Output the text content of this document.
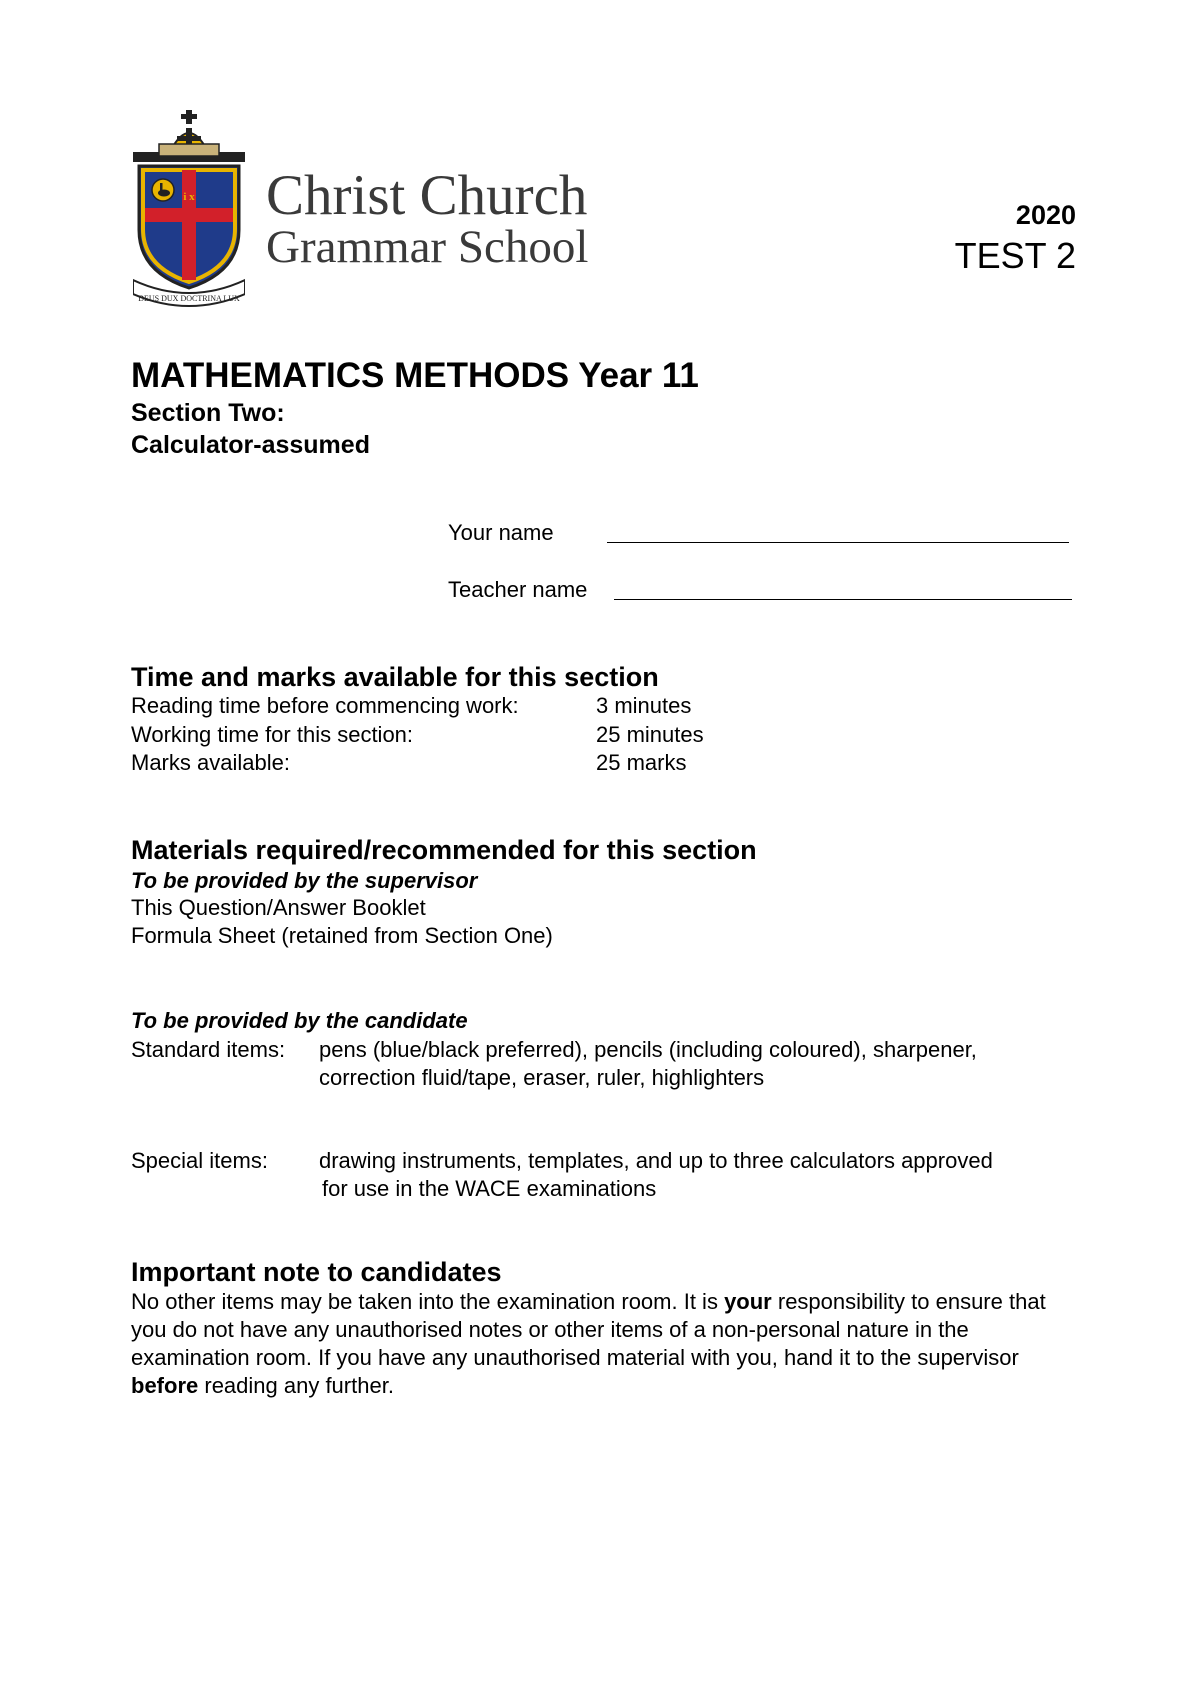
i x
DEUS DUX DOCTRINA LUX
Christ Church
Grammar School
2020
TEST 2
MATHEMATICS METHODS Year 11
Section Two:
Calculator-assumed
Your name
Teacher name
Time and marks available for this section
Reading time before commencing work:	3 minutes
Working time for this section:	25 minutes
Marks available:	25 marks
Materials required/recommended for this section
To be provided by the supervisor
This Question/Answer Booklet
Formula Sheet (retained from Section One)
To be provided by the candidate
Standard items: pens (blue/black preferred), pencils (including coloured), sharpener,
correction fluid/tape, eraser, ruler, highlighters
Special items: drawing instruments, templates, and up to three calculators approved
for use in the WACE examinations
Important note to candidates
No other items may be taken into the examination room. It is your responsibility to ensure that you do not have any unauthorised notes or other items of a non-personal nature in the examination room. If you have any unauthorised material with you, hand it to the supervisor before reading any further.
